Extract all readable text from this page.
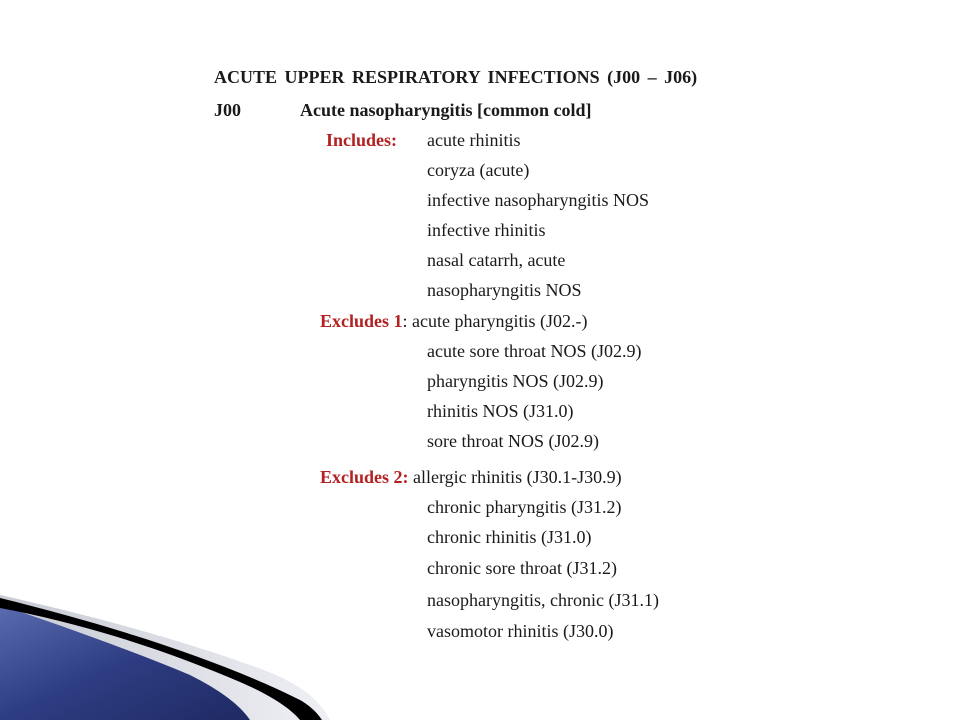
ACUTE UPPER RESPIRATORY INFECTIONS (J00 – J06)
J00	Acute nasopharyngitis [common cold]
Includes: acute rhinitis
coryza (acute)
infective nasopharyngitis NOS
infective rhinitis
nasal catarrh, acute
nasopharyngitis NOS
Excludes 1: acute pharyngitis (J02.-)
acute sore throat NOS (J02.9)
pharyngitis NOS (J02.9)
rhinitis NOS (J31.0)
sore throat NOS (J02.9)
Excludes 2: allergic rhinitis (J30.1-J30.9)
chronic pharyngitis (J31.2)
chronic rhinitis (J31.0)
chronic sore throat (J31.2)
nasopharyngitis, chronic (J31.1)
vasomotor rhinitis (J30.0)
